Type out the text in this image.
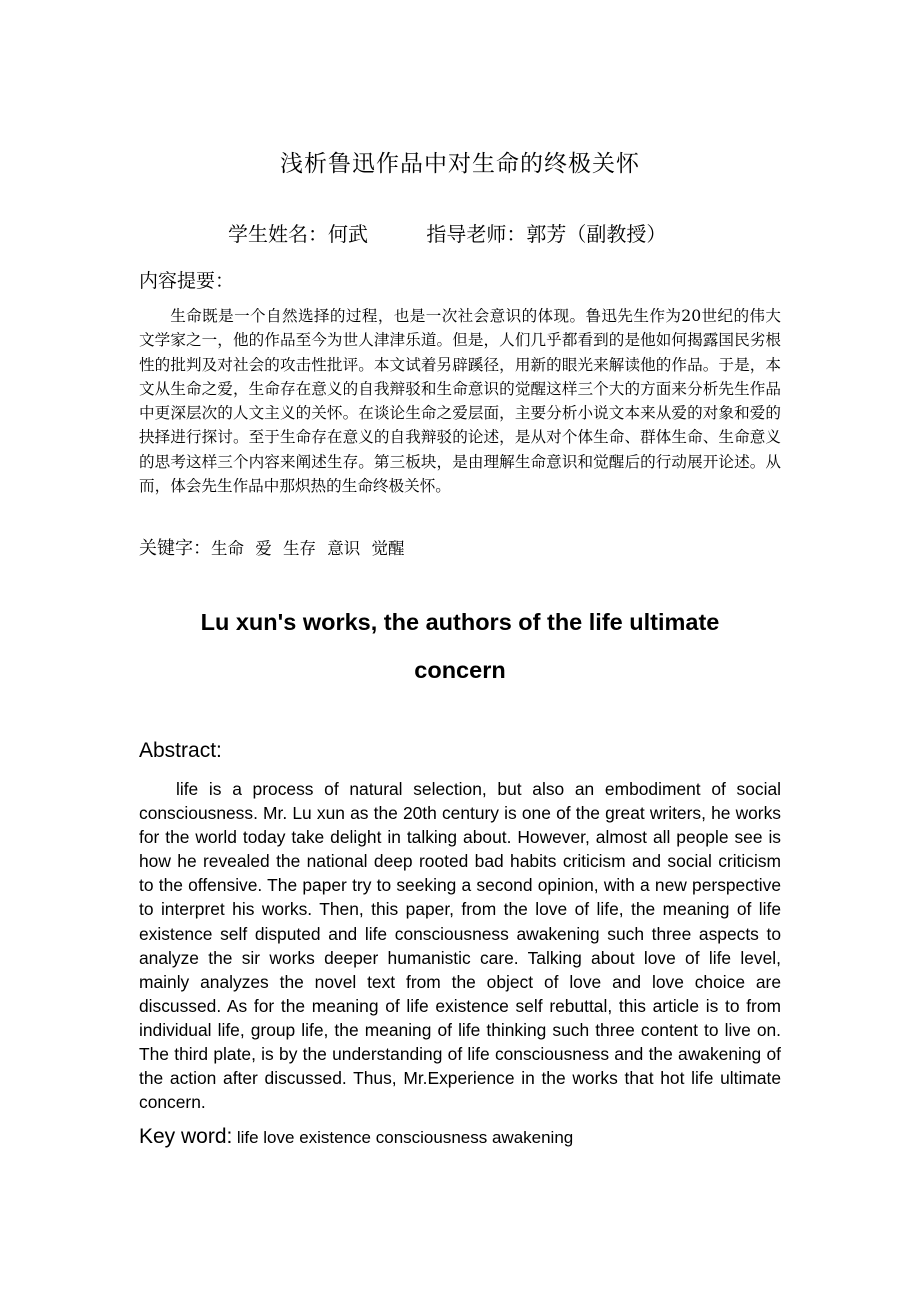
浅析鲁迅作品中对生命的终极关怀
学生姓名：何武	指导老师：郭芳（副教授）
内容提要：

生命既是一个自然选择的过程，也是一次社会意识的体现。鲁迅先生作为20世纪的伟大文学家之一，他的作品至今为世人津津乐道。但是，人们几乎都看到的是他如何揭露国民劣根性的批判及对社会的攻击性批评。本文试着另辟蹊径，用新的眼光来解读他的作品。于是，本文从生命之爱，生命存在意义的自我辩驳和生命意识的觉醒这样三个大的方面来分析先生作品中更深层次的人文主义的关怀。在谈论生命之爱层面，主要分析小说文本来从爱的对象和爱的抉择进行探讨。至于生命存在意义的自我辩驳的论述，是从对个体生命、群体生命、生命意义的思考这样三个内容来阐述生存。第三板块，是由理解生命意识和觉醒后的行动展开论述。从而，体会先生作品中那炽热的生命终极关怀。

关键字：生命 爱 生存 意识 觉醒
Lu xun's works, the authors of the life ultimate
concern
Abstract:

life is a process of natural selection, but also an embodiment of social consciousness. Mr. Lu xun as the 20th century is one of the great writers, he works for the world today take delight in talking about. However, almost all people see is how he revealed the national deep rooted bad habits criticism and social criticism to the offensive. The paper try to seeking a second opinion, with a new perspective to interpret his works. Then, this paper, from the love of life, the meaning of life existence self disputed and life consciousness awakening such three aspects to analyze the sir works deeper humanistic care. Talking about love of life level, mainly analyzes the novel text from the object of love and love choice are discussed. As for the meaning of life existence self rebuttal, this article is to from individual life, group life, the meaning of life thinking such three content to live on. The third plate, is by the understanding of life consciousness and the awakening of the action after discussed. Thus, Mr.Experience in the works that hot life ultimate concern.

Key word: life love existence consciousness awakening
